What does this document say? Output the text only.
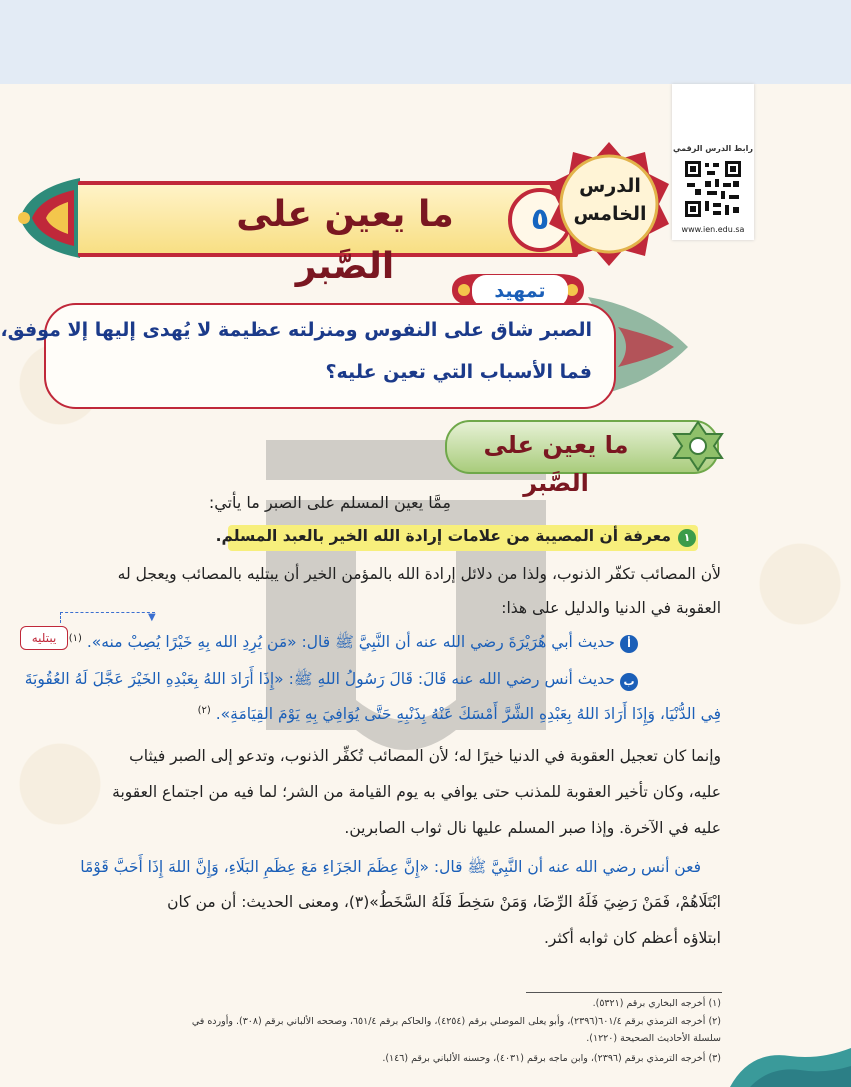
رابط الدرس الرقمي
www.ien.edu.sa
ما يعين على الصَّبر
٥
الدرس
الخامس
تمهيد
الصبر شاق على النفوس ومنزلته عظيمة لا يُهدى إليها إلا موفق،
فما الأسباب التي تعين عليه؟
ما يعين على الصَّبر
مِمَّا يعين المسلم على الصبر ما يأتي:
١
معرفة أن المصيبة من علامات إرادة الله الخير بالعبد المسلم.
لأن المصائب تكفّر الذنوب، ولذا من دلائل إرادة الله بالمؤمن الخير أن يبتليه بالمصائب ويعجل له
العقوبة في الدنيا والدليل على هذا:
▼
يبتليه	أ
حديث أبي هُرَيْرَةَ رضي الله عنه أن النَّبِيَّ ﷺ قال: «مَن يُرِدِ الله بِهِ خَيْرًا يُصِبْ منه». $^{(١)}$
ب
حديث أنس رضي الله عنه قَالَ: قَالَ رَسُولُ اللهِ ﷺ: «إِذَا أَرَادَ اللهُ بِعَبْدِهِ الخَيْرَ عَجَّلَ لَهُ العُقُوبَةَ
فِي الدُّنْيَا، وَإِذَا أَرَادَ اللهُ بِعَبْدِهِ الشَّرَّ أَمْسَكَ عَنْهُ بِذَنْبِهِ حَتَّى يُوَافِيَ بِهِ يَوْمَ القِيَامَةِ». $^{(٢)}$
وإنما كان تعجيل العقوبة في الدنيا خيرًا له؛ لأن المصائب تُكفِّر الذنوب، وتدعو إلى الصبر فيثاب
عليه، وكان تأخير العقوبة للمذنب حتى يوافي به يوم القيامة من الشر؛ لما فيه من اجتماع العقوبة
عليه في الآخرة. وإذا صبر المسلم عليها نال ثواب الصابرين.
فعن أنس رضي الله عنه أن النَّبِيَّ ﷺ قال: «إِنَّ عِظَمَ الجَزَاءِ مَعَ عِظَمِ البَلَاءِ، وَإِنَّ اللهَ إِذَا أَحَبَّ قَوْمًا
ابْتَلَاهُمْ، فَمَنْ رَضِيَ فَلَهُ الرِّضَا، وَمَنْ سَخِطَ فَلَهُ السَّخَطُ»(٣)، ومعنى الحديث: أن من كان
ابتلاؤه أعظم كان ثوابه أكثر.
(١) أخرجه البخاري برقم (٥٣٢١).
(٢) أخرجه الترمذي برقم ٦٠١/٤(٢٣٩٦)، وأبو يعلى الموصلي برقم (٤٢٥٤)، والحاكم برقم ٦٥١/٤، وصححه الألباني برقم (٣٠٨). وأورده في
سلسلة الأحاديث الصحيحة (١٢٢٠).
(٣) أخرجه الترمذي برقم (٢٣٩٦)، وابن ماجه برقم (٤٠٣١)، وحسنه الألباني برقم (١٤٦).
